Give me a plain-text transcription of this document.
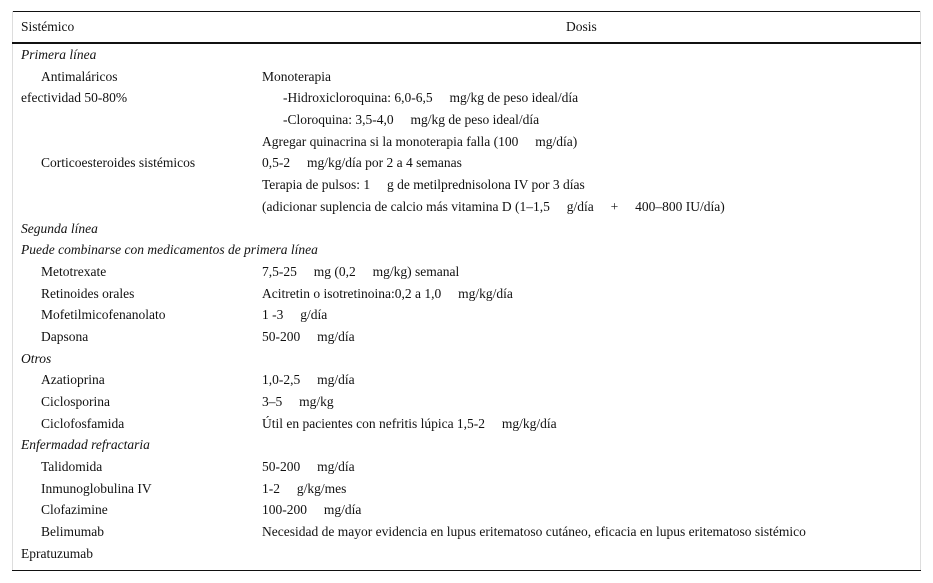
Sistémico	Dosis
Primera línea
Antimaláricos	Monoterapia
efectividad 50-80%	-Hidroxicloroquina: 6,0-6,5     mg/kg de peso ideal/día
-Cloroquina: 3,5-4,0     mg/kg de peso ideal/día
Agregar quinacrina si la monoterapia falla (100     mg/día)
Corticoesteroides sistémicos	0,5-2     mg/kg/día por 2 a 4 semanas
Terapia de pulsos: 1     g de metilprednisolona IV por 3 días
(adicionar suplencia de calcio más vitamina D (1–1,5     g/día     +     400–800 IU/día)
Segunda línea
Puede combinarse con medicamentos de primera línea
Metotrexate	7,5-25     mg (0,2     mg/kg) semanal
Retinoides orales	Acitretin o isotretinoina:0,2 a 1,0     mg/kg/día
Mofetilmicofenanolato	1 -3     g/día
Dapsona	50-200     mg/día
Otros
Azatioprina	1,0-2,5     mg/día
Ciclosporina	3–5     mg/kg
Ciclofosfamida	Útil en pacientes con nefritis lúpica 1,5-2     mg/kg/día
Enfermadad refractaria
Talidomida	50-200     mg/día
Inmunoglobulina IV	1-2     g/kg/mes
Clofazimine	100-200     mg/día
Belimumab	Necesidad de mayor evidencia en lupus eritematoso cutáneo, eficacia en lupus eritematoso sistémico
Epratuzumab
